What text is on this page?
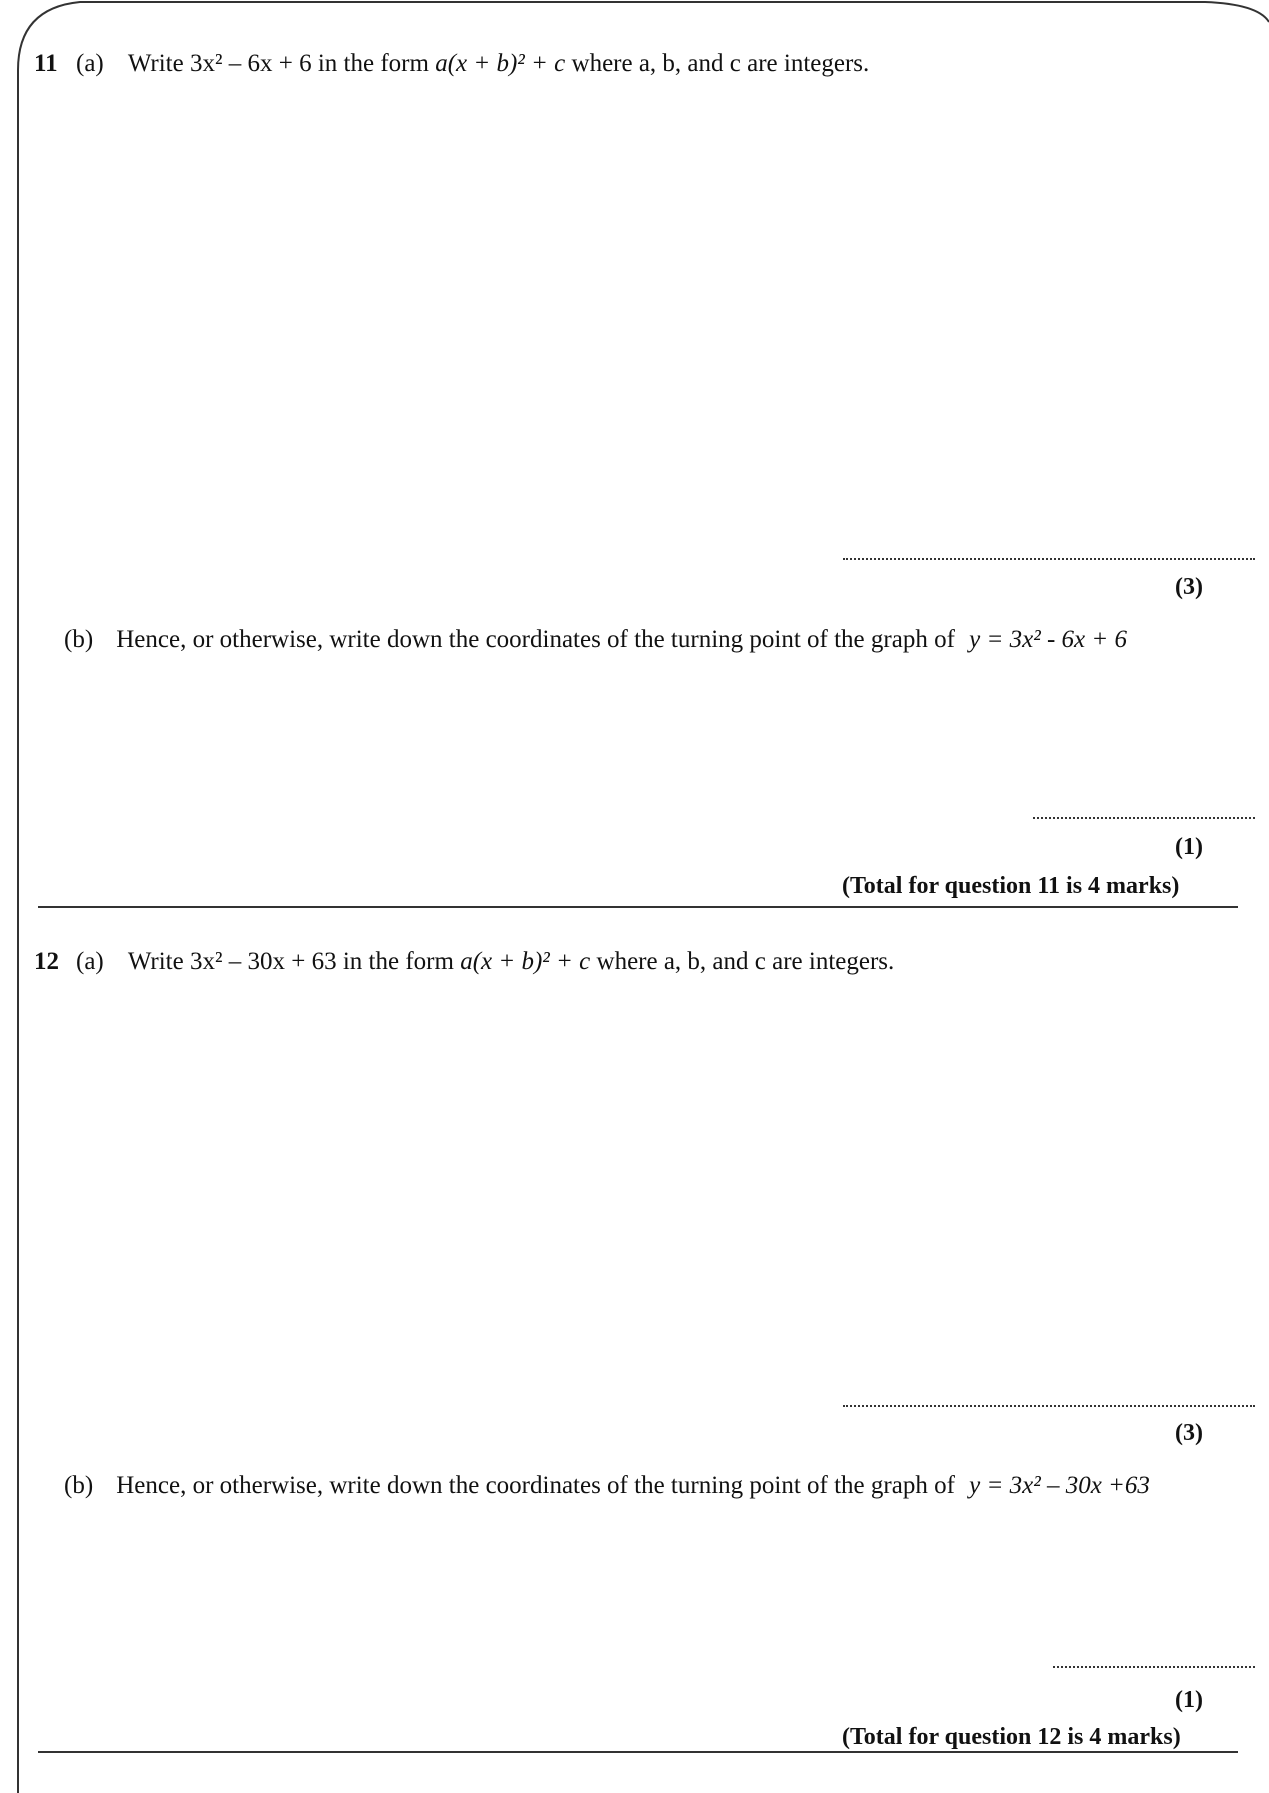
11 (a) Write 3x² – 6x + 6 in the form a(x + b)² + c where a, b, and c are integers.
(3)
(b) Hence, or otherwise, write down the coordinates of the turning point of the graph of y = 3x² - 6x + 6
(1)
(Total for question 11 is 4 marks)
12 (a) Write 3x² – 30x + 63 in the form a(x + b)² + c where a, b, and c are integers.
(3)
(b) Hence, or otherwise, write down the coordinates of the turning point of the graph of y = 3x² – 30x +63
(1)
(Total for question 12 is 4 marks)
